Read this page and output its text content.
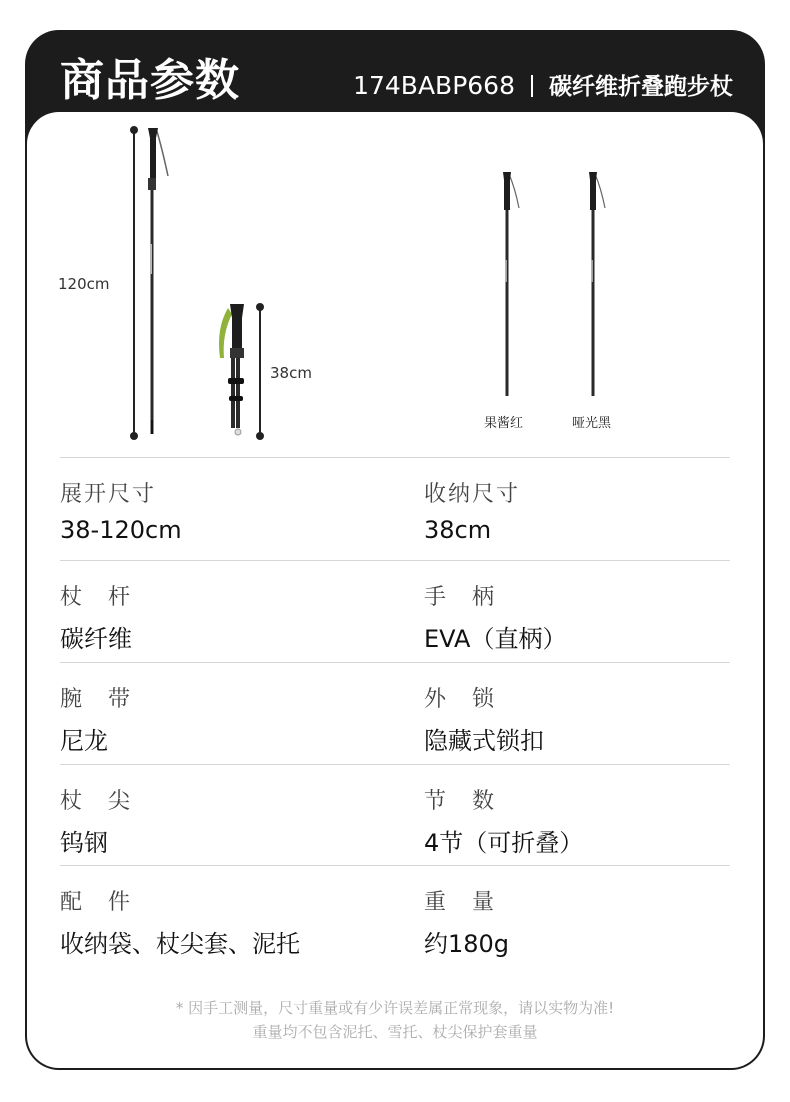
商品参数	174BABP668 碳纤维折叠跑步杖
120cm
38cm
果酱红	哑光黑
展开尺寸
38-120cm
收纳尺寸
38cm
杖　杆
碳纤维
手　柄
EVA（直柄）
腕　带
尼龙
外　锁
隐藏式锁扣
杖　尖
钨钢
节　数
4节（可折叠）
配　件
收纳袋、杖尖套、泥托
重　量
约180g
* 因手工测量，尺寸重量或有少许误差属正常现象，请以实物为准!
重量均不包含泥托、雪托、杖尖保护套重量
